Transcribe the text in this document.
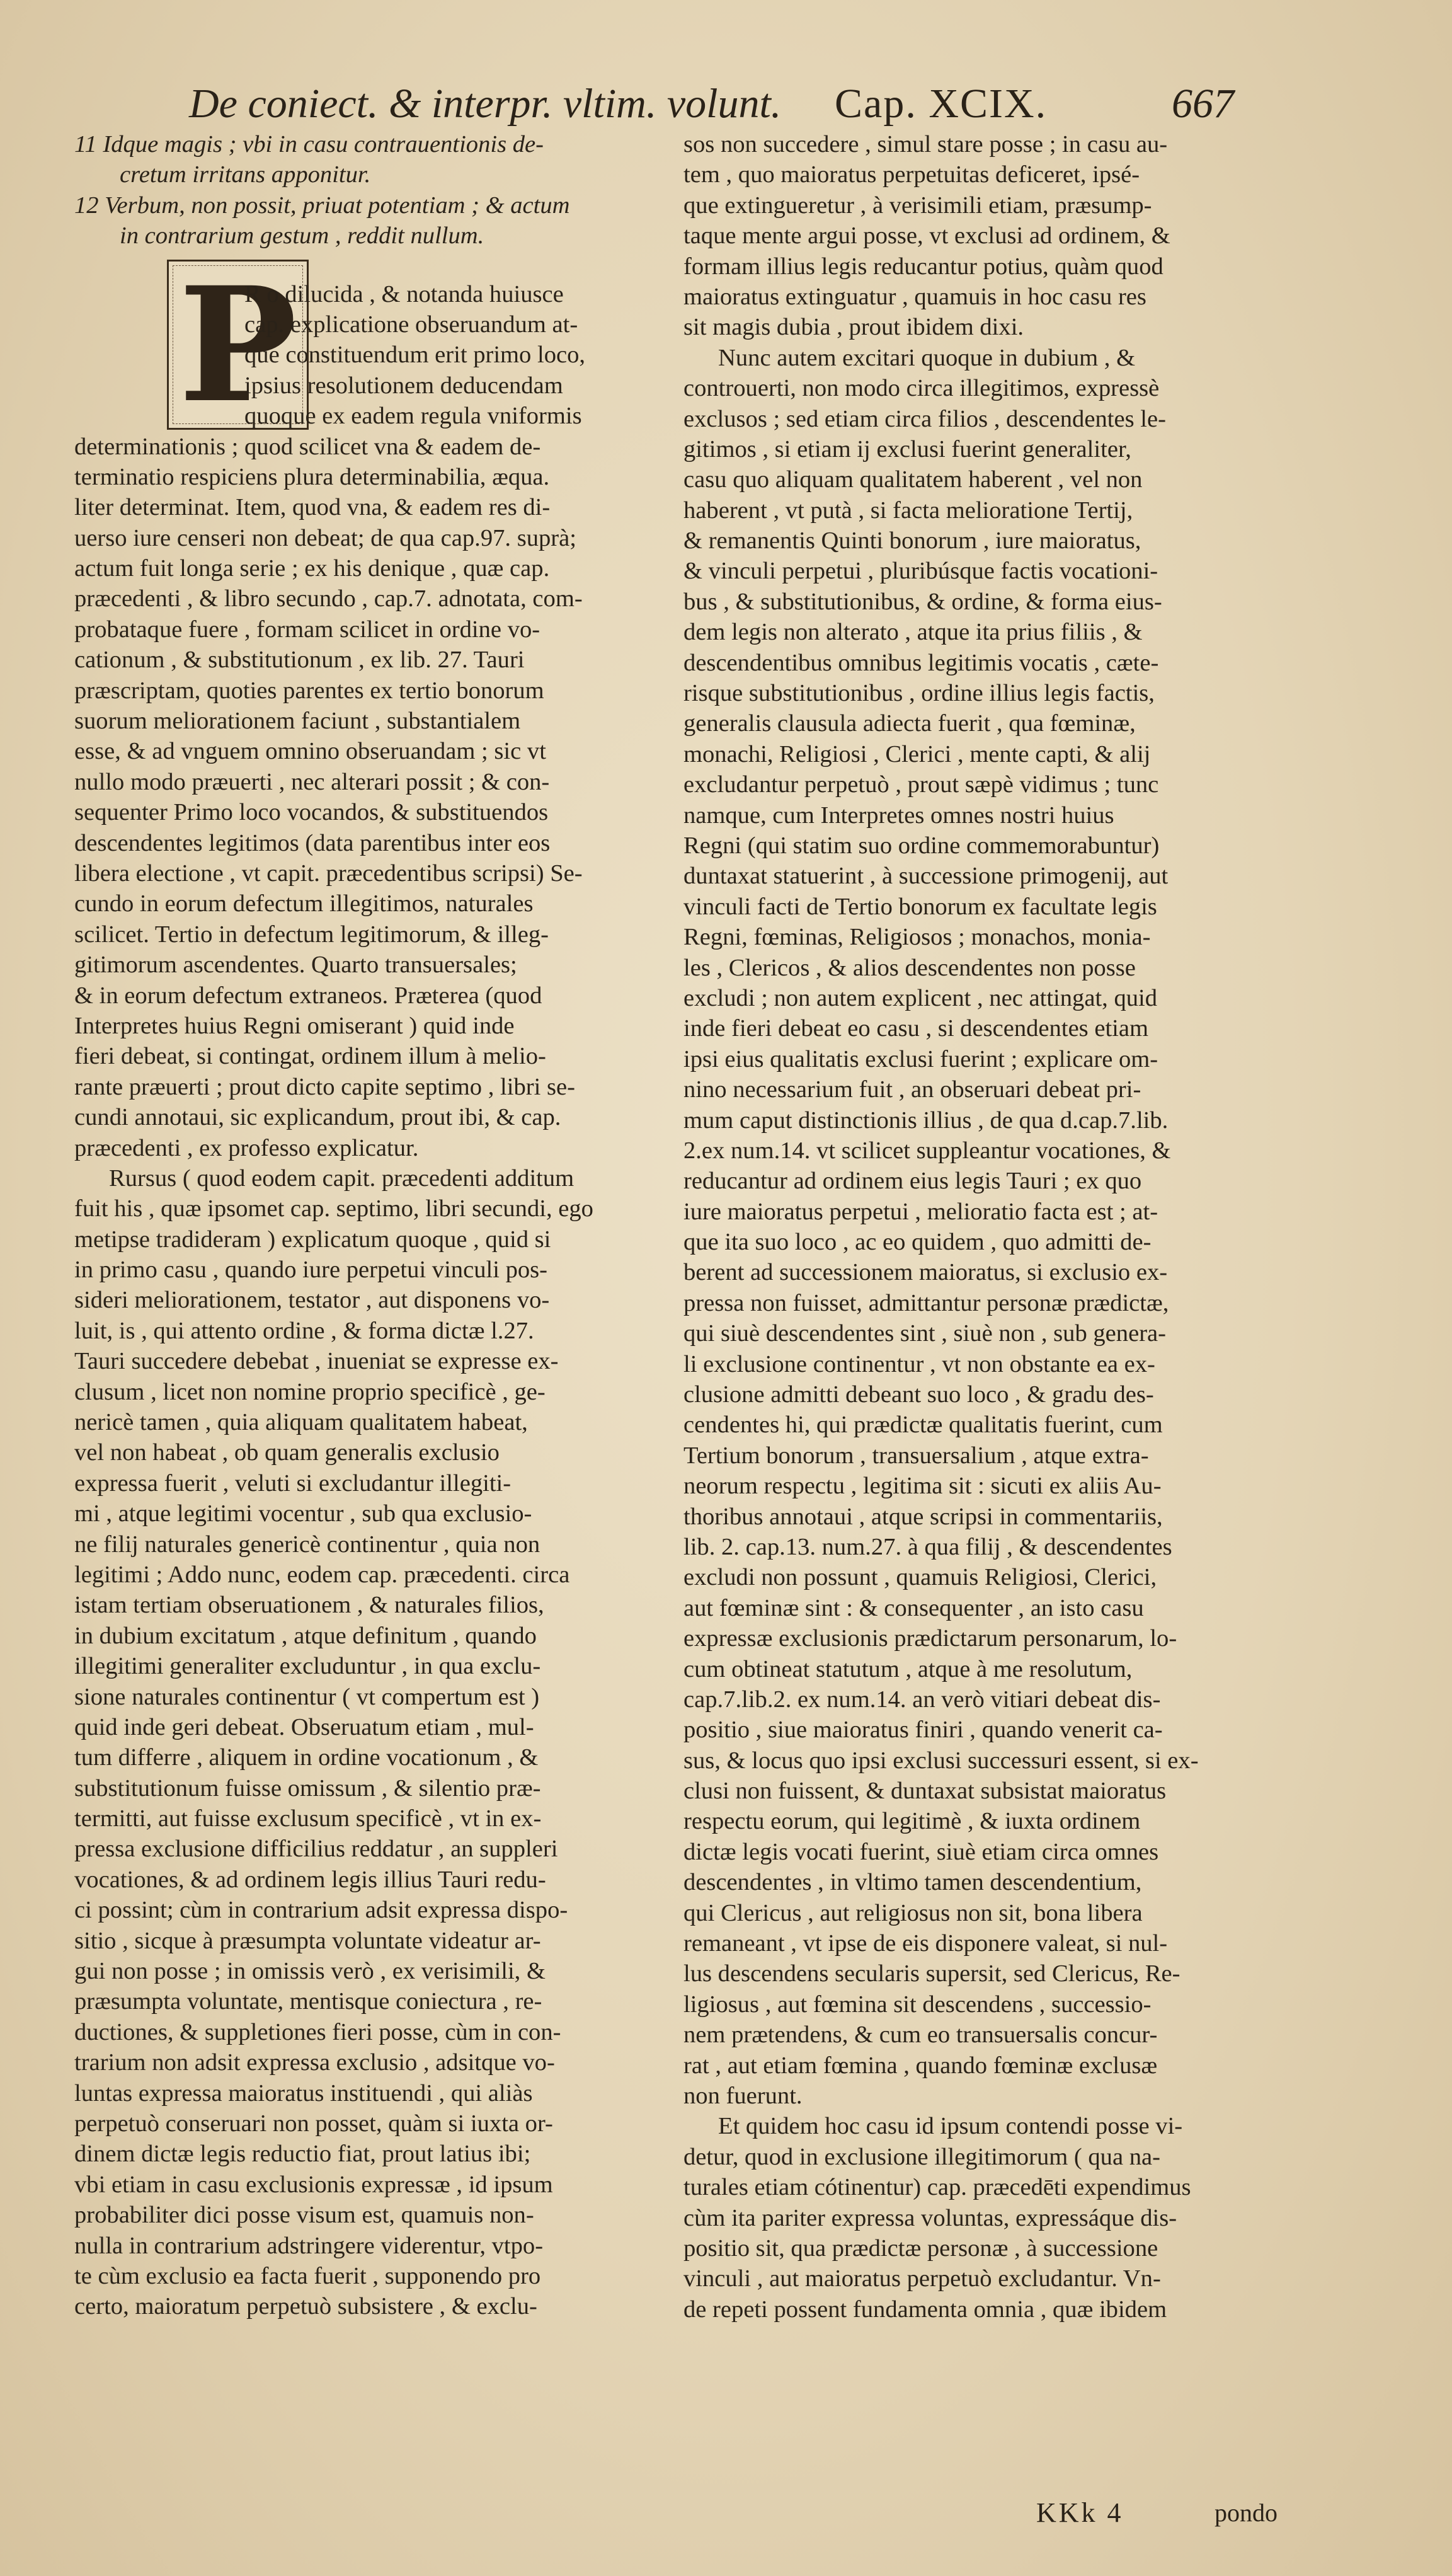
De coniect. & interpr. vltim. volunt. Cap. XCIX.	667
P
11 Idque magis ; vbi in casu contrauentionis de-
cretum irritans apponitur.
12 Verbum, non possit, priuat potentiam ; & actum
in contrarium gestum , reddit nullum.
R o dilucida , & notanda huiusce
cap. explicatione obseruandum at-
que constituendum erit primo loco,
ipsius resolutionem deducendam
quoque ex eadem regula vniformis
determinationis ; quod scilicet vna & eadem de-
terminatio respiciens plura determinabilia, æqua.
liter determinat. Item, quod vna, & eadem res di-
uerso iure censeri non debeat; de qua cap.97. suprà;
actum fuit longa serie ; ex his denique , quæ cap.
præcedenti , & libro secundo , cap.7. adnotata, com-
probataque fuere , formam scilicet in ordine vo-
cationum , & substitutionum , ex lib. 27. Tauri
præscriptam, quoties parentes ex tertio bonorum
suorum meliorationem faciunt , substantialem
esse, & ad vnguem omnino obseruandam ; sic vt
nullo modo præuerti , nec alterari possit ; & con-
sequenter Primo loco vocandos, & substituendos
descendentes legitimos (data parentibus inter eos
libera electione , vt capit. præcedentibus scripsi) Se-
cundo in eorum defectum illegitimos, naturales
scilicet. Tertio in defectum legitimorum, & illeg-
gitimorum ascendentes. Quarto transuersales;
& in eorum defectum extraneos. Præterea (quod
Interpretes huius Regni omiserant ) quid inde
fieri debeat, si contingat, ordinem illum à melio-
rante præuerti ; prout dicto capite septimo , libri se-
cundi annotaui, sic explicandum, prout ibi, & cap.
præcedenti , ex professo explicatur.
Rursus ( quod eodem capit. præcedenti additum
fuit his , quæ ipsomet cap. septimo, libri secundi, ego
metipse tradideram ) explicatum quoque , quid si
in primo casu , quando iure perpetui vinculi pos-
sideri meliorationem, testator , aut disponens vo-
luit, is , qui attento ordine , & forma dictæ l.27.
Tauri succedere debebat , inueniat se expresse ex-
clusum , licet non nomine proprio specificè , ge-
nericè tamen , quia aliquam qualitatem habeat,
vel non habeat , ob quam generalis exclusio
expressa fuerit , veluti si excludantur illegiti-
mi , atque legitimi vocentur , sub qua exclusio-
ne filij naturales genericè continentur , quia non
legitimi ; Addo nunc, eodem cap. præcedenti. circa
istam tertiam obseruationem , & naturales filios,
in dubium excitatum , atque definitum , quando
illegitimi generaliter excluduntur , in qua exclu-
sione naturales continentur ( vt compertum est )
quid inde geri debeat. Obseruatum etiam , mul-
tum differre , aliquem in ordine vocationum , &
substitutionum fuisse omissum , & silentio præ-
termitti, aut fuisse exclusum specificè , vt in ex-
pressa exclusione difficilius reddatur , an suppleri
vocationes, & ad ordinem legis illius Tauri redu-
ci possint; cùm in contrarium adsit expressa dispo-
sitio , sicque à præsumpta voluntate videatur ar-
gui non posse ; in omissis verò , ex verisimili, &
præsumpta voluntate, mentisque coniectura , re-
ductiones, & suppletiones fieri posse, cùm in con-
trarium non adsit expressa exclusio , adsitque vo-
luntas expressa maioratus instituendi , qui aliàs
perpetuò conseruari non posset, quàm si iuxta or-
dinem dictæ legis reductio fiat, prout latius ibi;
vbi etiam in casu exclusionis expressæ , id ipsum
probabiliter dici posse visum est, quamuis non-
nulla in contrarium adstringere viderentur, vtpo-
te cùm exclusio ea facta fuerit , supponendo pro
certo, maioratum perpetuò subsistere , & exclu-
sos non succedere , simul stare posse ; in casu au-
tem , quo maioratus perpetuitas deficeret, ipsé-
que extingueretur , à verisimili etiam, præsump-
taque mente argui posse, vt exclusi ad ordinem, &
formam illius legis reducantur potius, quàm quod
maioratus extinguatur , quamuis in hoc casu res
sit magis dubia , prout ibidem dixi.
Nunc autem excitari quoque in dubium , &
controuerti, non modo circa illegitimos, expressè
exclusos ; sed etiam circa filios , descendentes le-
gitimos , si etiam ij exclusi fuerint generaliter,
casu quo aliquam qualitatem haberent , vel non
haberent , vt putà , si facta melioratione Tertij,
& remanentis Quinti bonorum , iure maioratus,
& vinculi perpetui , pluribúsque factis vocationi-
bus , & substitutionibus, & ordine, & forma eius-
dem legis non alterato , atque ita prius filiis , &
descendentibus omnibus legitimis vocatis , cæte-
risque substitutionibus , ordine illius legis factis,
generalis clausula adiecta fuerit , qua fœminæ,
monachi, Religiosi , Clerici , mente capti, & alij
excludantur perpetuò , prout sæpè vidimus ; tunc
namque, cum Interpretes omnes nostri huius
Regni (qui statim suo ordine commemorabuntur)
duntaxat statuerint , à successione primogenij, aut
vinculi facti de Tertio bonorum ex facultate legis
Regni, fœminas, Religiosos ; monachos, monia-
les , Clericos , & alios descendentes non posse
excludi ; non autem explicent , nec attingat, quid
inde fieri debeat eo casu , si descendentes etiam
ipsi eius qualitatis exclusi fuerint ; explicare om-
nino necessarium fuit , an obseruari debeat pri-
mum caput distinctionis illius , de qua d.cap.7.lib.
2.ex num.14. vt scilicet suppleantur vocationes, &
reducantur ad ordinem eius legis Tauri ; ex quo
iure maioratus perpetui , melioratio facta est ; at-
que ita suo loco , ac eo quidem , quo admitti de-
berent ad successionem maioratus, si exclusio ex-
pressa non fuisset, admittantur personæ prædictæ,
qui siuè descendentes sint , siuè non , sub genera-
li exclusione continentur , vt non obstante ea ex-
clusione admitti debeant suo loco , & gradu des-
cendentes hi, qui prædictæ qualitatis fuerint, cum
Tertium bonorum , transuersalium , atque extra-
neorum respectu , legitima sit : sicuti ex aliis Au-
thoribus annotaui , atque scripsi in commentariis,
lib. 2. cap.13. num.27. à qua filij , & descendentes
excludi non possunt , quamuis Religiosi, Clerici,
aut fœminæ sint : & consequenter , an isto casu
expressæ exclusionis prædictarum personarum, lo-
cum obtineat statutum , atque à me resolutum,
cap.7.lib.2. ex num.14. an verò vitiari debeat dis-
positio , siue maioratus finiri , quando venerit ca-
sus, & locus quo ipsi exclusi successuri essent, si ex-
clusi non fuissent, & duntaxat subsistat maioratus
respectu eorum, qui legitimè , & iuxta ordinem
dictæ legis vocati fuerint, siuè etiam circa omnes
descendentes , in vltimo tamen descendentium,
qui Clericus , aut religiosus non sit, bona libera
remaneant , vt ipse de eis disponere valeat, si nul-
lus descendens secularis supersit, sed Clericus, Re-
ligiosus , aut fœmina sit descendens , successio-
nem prætendens, & cum eo transuersalis concur-
rat , aut etiam fœmina , quando fœminæ exclusæ
non fuerunt.
Et quidem hoc casu id ipsum contendi posse vi-
detur, quod in exclusione illegitimorum ( qua na-
turales etiam cótinentur) cap. præcedēti expendimus
cùm ita pariter expressa voluntas, expressáque dis-
positio sit, qua prædictæ personæ , à successione
vinculi , aut maioratus perpetuò excludantur. Vn-
de repeti possent fundamenta omnia , quæ ibidem
KKk 4	pondo
